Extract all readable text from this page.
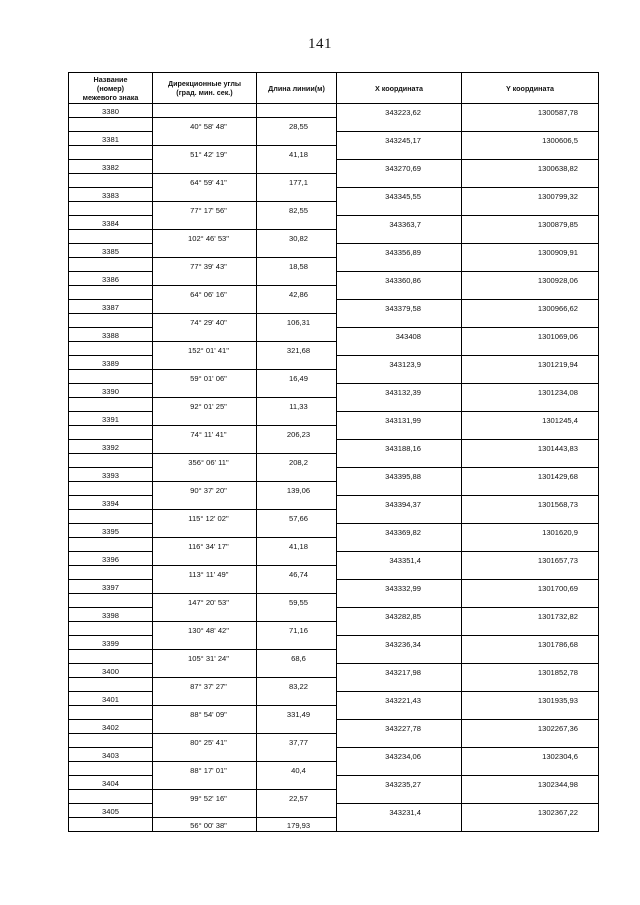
141
Название
(номер)
межевого знака	Дирекционные углы
(град. мин. сек.)	Длина линии(м)	X координата	Y координата
3380			343223,62	1300587,78
	40° 58' 48"	28,55		
3381			343245,17	1300606,5
	51° 42' 19"	41,18		
3382			343270,69	1300638,82
	64° 59' 41"	177,1		
3383			343345,55	1300799,32
	77° 17' 56"	82,55		
3384			343363,7	1300879,85
	102° 46' 53"	30,82		
3385			343356,89	1300909,91
	77° 39' 43"	18,58		
3386			343360,86	1300928,06
	64° 06' 16"	42,86		
3387			343379,58	1300966,62
	74° 29' 40"	106,31		
3388			343408	1301069,06
	152° 01' 41"	321,68		
3389			343123,9	1301219,94
	59° 01' 06"	16,49		
3390			343132,39	1301234,08
	92° 01' 25"	11,33		
3391			343131,99	1301245,4
	74° 11' 41"	206,23		
3392			343188,16	1301443,83
	356° 06' 11"	208,2		
3393			343395,88	1301429,68
	90° 37' 20"	139,06		
3394			343394,37	1301568,73
	115° 12' 02"	57,66		
3395			343369,82	1301620,9
	116° 34' 17"	41,18		
3396			343351,4	1301657,73
	113° 11' 49"	46,74		
3397			343332,99	1301700,69
	147° 20' 53"	59,55		
3398			343282,85	1301732,82
	130° 48' 42"	71,16		
3399			343236,34	1301786,68
	105° 31' 24"	68,6		
3400			343217,98	1301852,78
	87° 37' 27"	83,22		
3401			343221,43	1301935,93
	88° 54' 09"	331,49		
3402			343227,78	1302267,36
	80° 25' 41"	37,77		
3403			343234,06	1302304,6
	88° 17' 01"	40,4		
3404			343235,27	1302344,98
	99° 52' 16"	22,57		
3405			343231,4	1302367,22
	56° 00' 38"	179,93		
